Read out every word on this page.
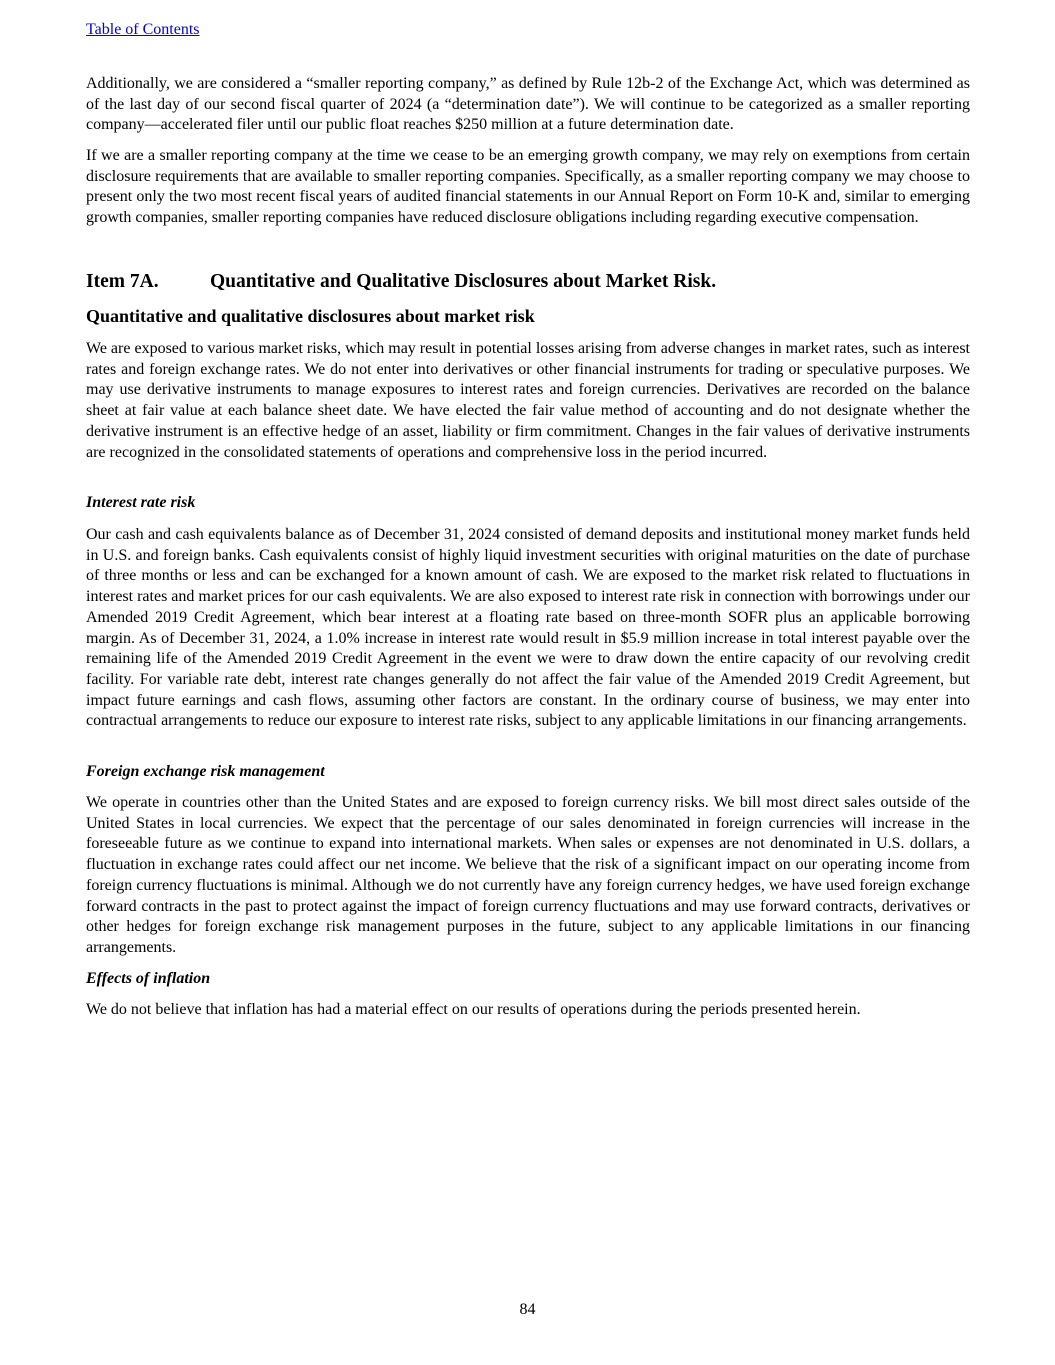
Table of Contents

Additionally, we are considered a “smaller reporting company,” as defined by Rule 12b-2 of the Exchange Act, which was determined as of the last day of our second fiscal quarter of 2024 (a “determination date”). We will continue to be categorized as a smaller reporting company—accelerated filer until our public float reaches $250 million at a future determination date.

If we are a smaller reporting company at the time we cease to be an emerging growth company, we may rely on exemptions from certain disclosure requirements that are available to smaller reporting companies. Specifically, as a smaller reporting company we may choose to present only the two most recent fiscal years of audited financial statements in our Annual Report on Form 10-K and, similar to emerging growth companies, smaller reporting companies have reduced disclosure obligations including regarding executive compensation.

Item 7A.	Quantitative and Qualitative Disclosures about Market Risk.
Quantitative and qualitative disclosures about market risk

We are exposed to various market risks, which may result in potential losses arising from adverse changes in market rates, such as interest rates and foreign exchange rates. We do not enter into derivatives or other financial instruments for trading or speculative purposes. We may use derivative instruments to manage exposures to interest rates and foreign currencies. Derivatives are recorded on the balance sheet at fair value at each balance sheet date. We have elected the fair value method of accounting and do not designate whether the derivative instrument is an effective hedge of an asset, liability or firm commitment. Changes in the fair values of derivative instruments are recognized in the consolidated statements of operations and comprehensive loss in the period incurred.

Interest rate risk

Our cash and cash equivalents balance as of December 31, 2024 consisted of demand deposits and institutional money market funds held in U.S. and foreign banks. Cash equivalents consist of highly liquid investment securities with original maturities on the date of purchase of three months or less and can be exchanged for a known amount of cash. We are exposed to the market risk related to fluctuations in interest rates and market prices for our cash equivalents. We are also exposed to interest rate risk in connection with borrowings under our Amended 2019 Credit Agreement, which bear interest at a floating rate based on three-month SOFR plus an applicable borrowing margin. As of December 31, 2024, a 1.0% increase in interest rate would result in $5.9 million increase in total interest payable over the remaining life of the Amended 2019 Credit Agreement in the event we were to draw down the entire capacity of our revolving credit facility. For variable rate debt, interest rate changes generally do not affect the fair value of the Amended 2019 Credit Agreement, but impact future earnings and cash flows, assuming other factors are constant. In the ordinary course of business, we may enter into contractual arrangements to reduce our exposure to interest rate risks, subject to any applicable limitations in our financing arrangements.

Foreign exchange risk management

We operate in countries other than the United States and are exposed to foreign currency risks. We bill most direct sales outside of the United States in local currencies. We expect that the percentage of our sales denominated in foreign currencies will increase in the foreseeable future as we continue to expand into international markets. When sales or expenses are not denominated in U.S. dollars, a fluctuation in exchange rates could affect our net income. We believe that the risk of a significant impact on our operating income from foreign currency fluctuations is minimal. Although we do not currently have any foreign currency hedges, we have used foreign exchange forward contracts in the past to protect against the impact of foreign currency fluctuations and may use forward contracts, derivatives or other hedges for foreign exchange risk management purposes in the future, subject to any applicable limitations in our financing arrangements.

Effects of inflation

We do not believe that inflation has had a material effect on our results of operations during the periods presented herein.

84
